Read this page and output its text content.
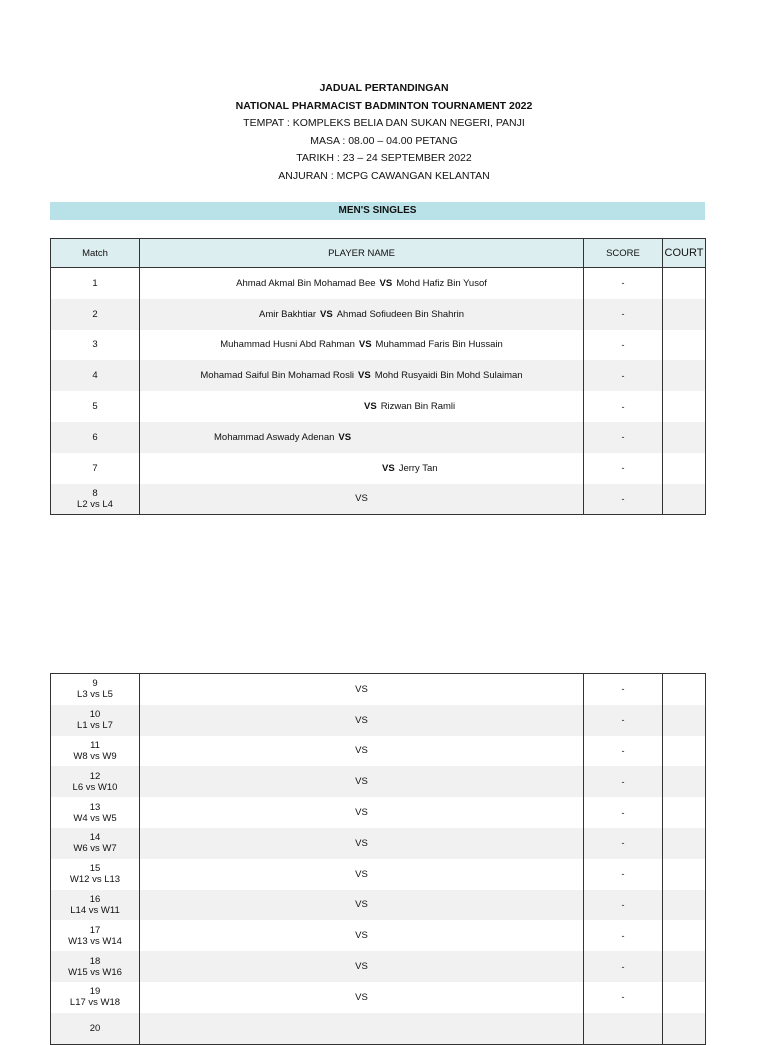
JADUAL PERTANDINGAN
NATIONAL PHARMACIST BADMINTON TOURNAMENT 2022
TEMPAT : KOMPLEKS BELIA DAN SUKAN NEGERI, PANJI
MASA : 08.00 – 04.00 PETANG
TARIKH : 23 – 24 SEPTEMBER 2022
ANJURAN : MCPG CAWANGAN KELANTAN
MEN'S SINGLES
Match	PLAYER NAME	SCORE	COURT

1	Ahmad Akmal Bin Mohamad Bee VS Mohd Hafiz Bin Yusof	-	

2	Amir Bakhtiar VS Ahmad Sofiudeen Bin Shahrin	-	

3	Muhammad Husni Abd Rahman VS Muhammad Faris Bin Hussain	-	

4	Mohamad Saiful Bin Mohamad Rosli VS Mohd Rusyaidi Bin Mohd Sulaiman	-	

5	VS Rizwan Bin Ramli	-	

6	Mohammad Aswady Adenan VS	-	

7	VS Jerry Tan	-	

8
L2 vs L4	VS	-	
9
L3 vs L5	VS	-	

10
L1 vs L7	VS	-	

11
W8 vs W9	VS	-	

12
L6 vs W10	VS	-	

13
W4 vs W5	VS	-	

14
W6 vs W7	VS	-	

15
W12 vs L13	VS	-	

16
L14 vs W11	VS	-	

17
W13 vs W14	VS	-	

18
W15 vs W16	VS	-	

19
L17 vs W18	VS	-	

20			
